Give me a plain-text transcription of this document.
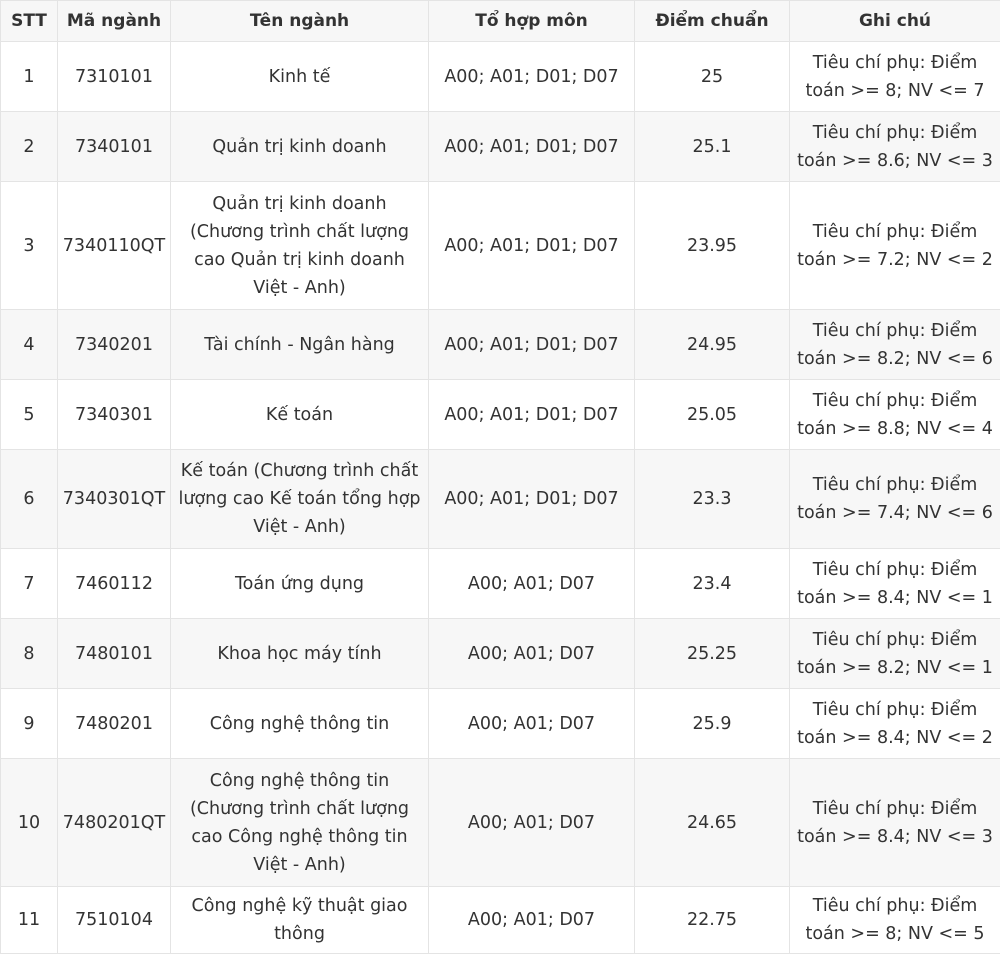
STT	Mã ngành	Tên ngành	Tổ hợp môn	Điểm chuẩn	Ghi chú
1	7310101	Kinh tế	A00; A01; D01; D07	25	Tiêu chí phụ: Điểm toán >= 8; NV <= 7
2	7340101	Quản trị kinh doanh	A00; A01; D01; D07	25.1	Tiêu chí phụ: Điểm toán >= 8.6; NV <= 3
3	7340110QT	Quản trị kinh doanh (Chương trình chất lượng cao Quản trị kinh doanh Việt - Anh)	A00; A01; D01; D07	23.95	Tiêu chí phụ: Điểm toán >= 7.2; NV <= 2
4	7340201	Tài chính - Ngân hàng	A00; A01; D01; D07	24.95	Tiêu chí phụ: Điểm toán >= 8.2; NV <= 6
5	7340301	Kế toán	A00; A01; D01; D07	25.05	Tiêu chí phụ: Điểm toán >= 8.8; NV <= 4
6	7340301QT	Kế toán (Chương trình chất lượng cao Kế toán tổng hợp Việt - Anh)	A00; A01; D01; D07	23.3	Tiêu chí phụ: Điểm toán >= 7.4; NV <= 6
7	7460112	Toán ứng dụng	A00; A01; D07	23.4	Tiêu chí phụ: Điểm toán >= 8.4; NV <= 1
8	7480101	Khoa học máy tính	A00; A01; D07	25.25	Tiêu chí phụ: Điểm toán >= 8.2; NV <= 1
9	7480201	Công nghệ thông tin	A00; A01; D07	25.9	Tiêu chí phụ: Điểm toán >= 8.4; NV <= 2
10	7480201QT	Công nghệ thông tin (Chương trình chất lượng cao Công nghệ thông tin Việt - Anh)	A00; A01; D07	24.65	Tiêu chí phụ: Điểm toán >= 8.4; NV <= 3
11	7510104	Công nghệ kỹ thuật giao thông	A00; A01; D07	22.75	Tiêu chí phụ: Điểm toán >= 8; NV <= 5
